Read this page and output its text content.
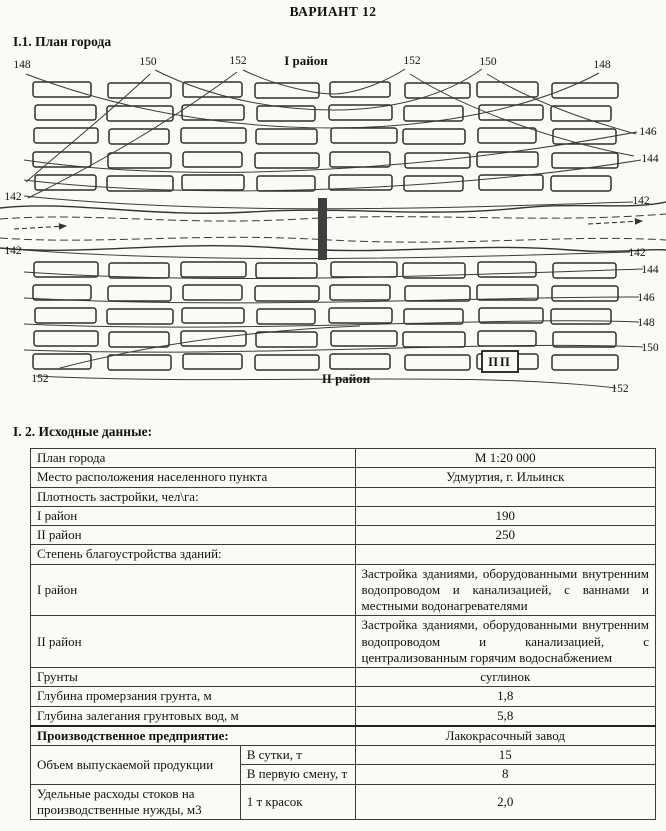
ВАРИАНТ 12
I.1. План города
148	150	152	I район	152	150	148
146
144
142
142
142	142
144
146
148
150
152	II район
152
ПП
I. 2. Исходные данные:
План города		М 1:20 000
Место расположения населенного пункта		Удмуртия, г. Ильинск
Плотность застройки, чел\га:		
I район		190
II район		250
Степень благоустройства зданий:		
I район		Застройка зданиями, оборудованными внутренним водопроводом и канализацией, с ваннами и местными водонагревателями
II район		Застройка зданиями, оборудованными внутренним водопроводом и канализацией, с централизованным горячим водоснабжением
Грунты		суглинок
Глубина промерзания грунта, м		1,8
Глубина залегания грунтовых вод, м		5,8
Производственное предприятие:		Лакокрасочный завод
Объем выпускаемой продукции	В сутки, т	15
	В первую смену, т	8
Удельные расходы стоков на производственные нужды, м3	1 т красок	2,0
